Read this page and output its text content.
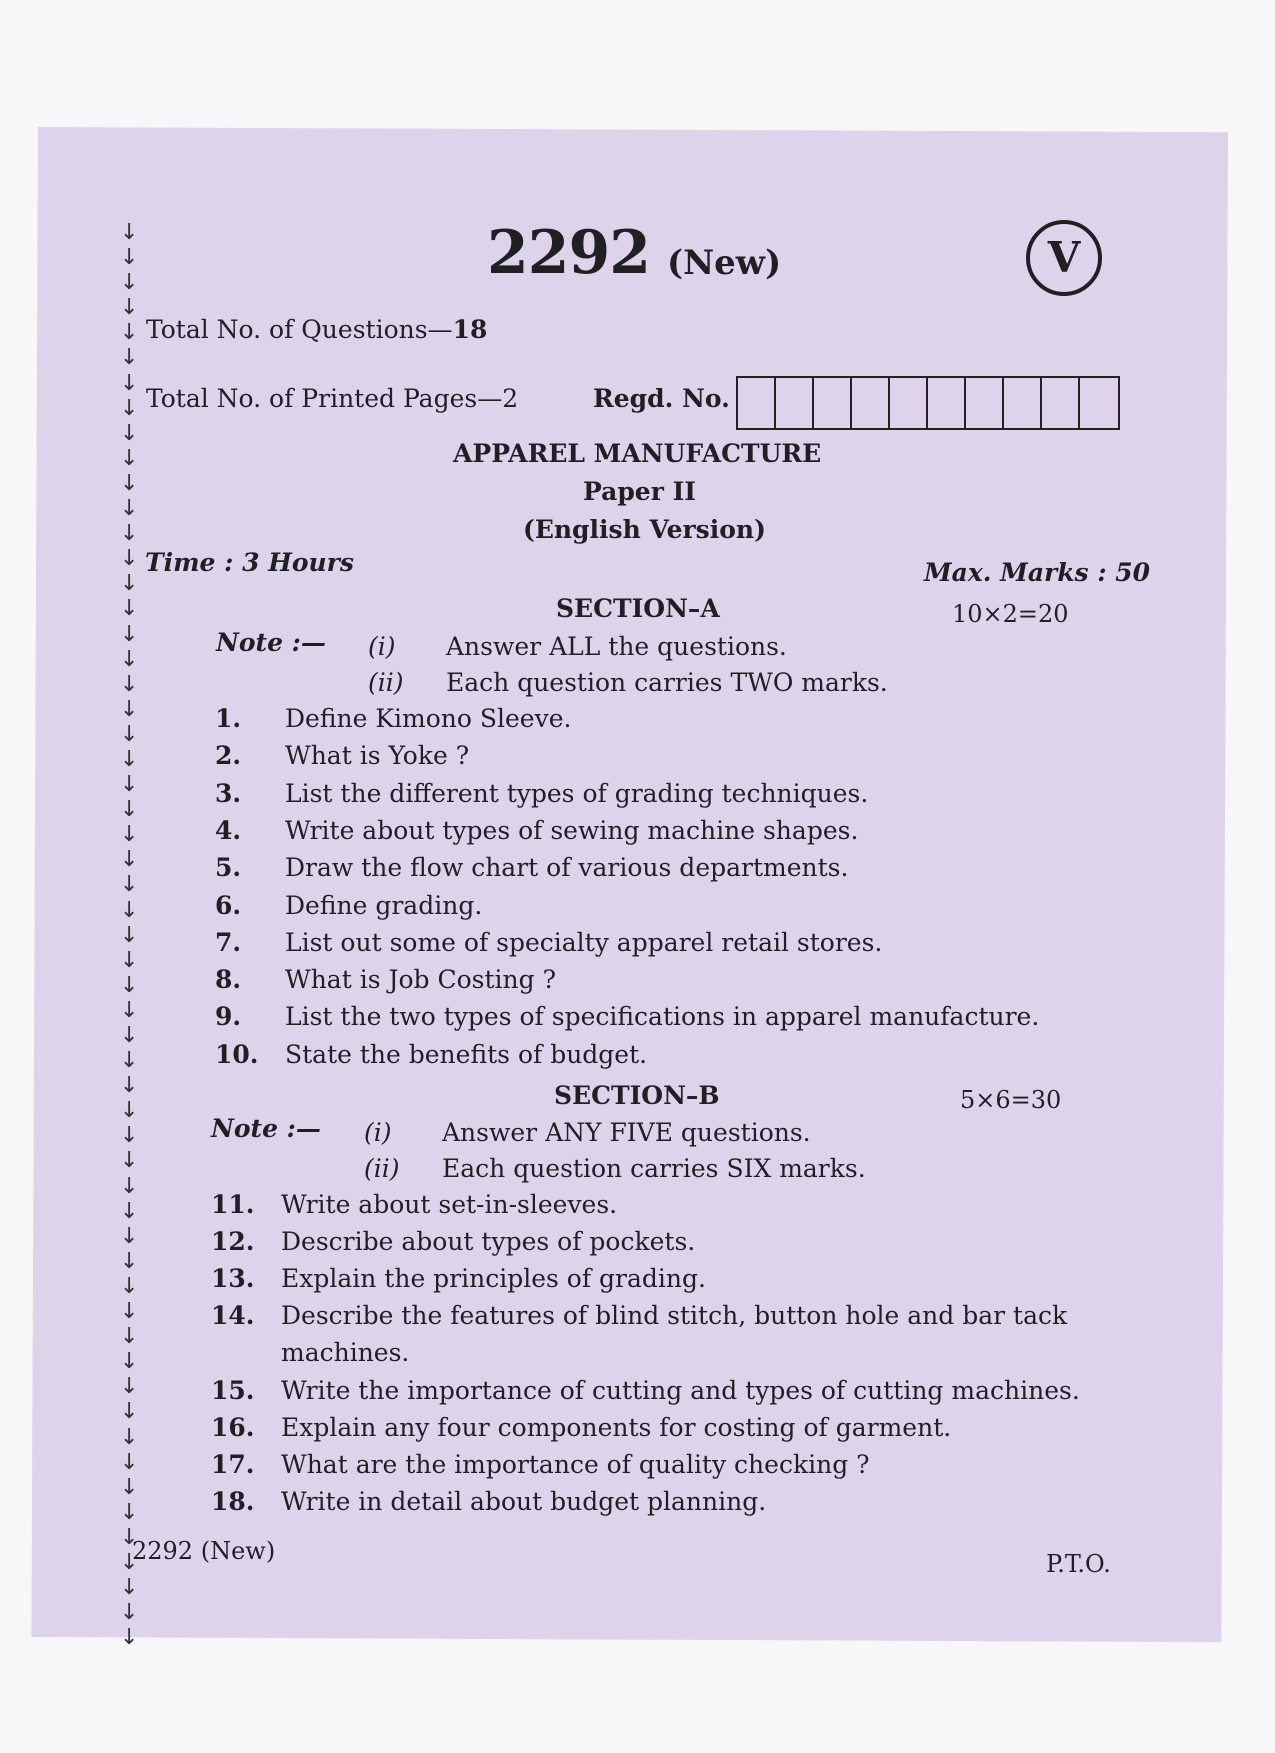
↓
↓
↓
↓
↓
↓
↓
↓
↓
↓
↓
↓
↓
↓
↓
↓
↓
↓
↓
↓
↓
↓
↓
↓
↓
↓
↓
↓
↓
↓
↓
↓
↓
↓
↓
↓
↓
↓
↓
↓
↓
↓
↓
↓
↓
↓
↓
↓
↓
↓
↓
↓
↓
↓
↓
↓
↓
2292 (New)	V
Total No. of Questions—18
Total No. of Printed Pages—2	Regd. No.
APPAREL MANUFACTURE
Paper II
(English Version)
Time : 3 Hours	Max. Marks : 50
SECTION–A	10×2=20
Note :— (i) Answer ALL the questions.
(ii) Each question carries TWO marks.
1. Define Kimono Sleeve.
2. What is Yoke ?
3. List the different types of grading techniques.
4. Write about types of sewing machine shapes.
5. Draw the flow chart of various departments.
6. Define grading.
7. List out some of specialty apparel retail stores.
8. What is Job Costing ?
9. List the two types of specifications in apparel manufacture.
10. State the benefits of budget.
SECTION–B	5×6=30
Note :— (i) Answer ANY FIVE questions.
(ii) Each question carries SIX marks.
11. Write about set-in-sleeves.
12. Describe about types of pockets.
13. Explain the principles of grading.
14. Describe the features of blind stitch, button hole and bar tack
machines.
15. Write the importance of cutting and types of cutting machines.
16. Explain any four components for costing of garment.
17. What are the importance of quality checking ?
18. Write in detail about budget planning.
2292 (New)	P.T.O.
